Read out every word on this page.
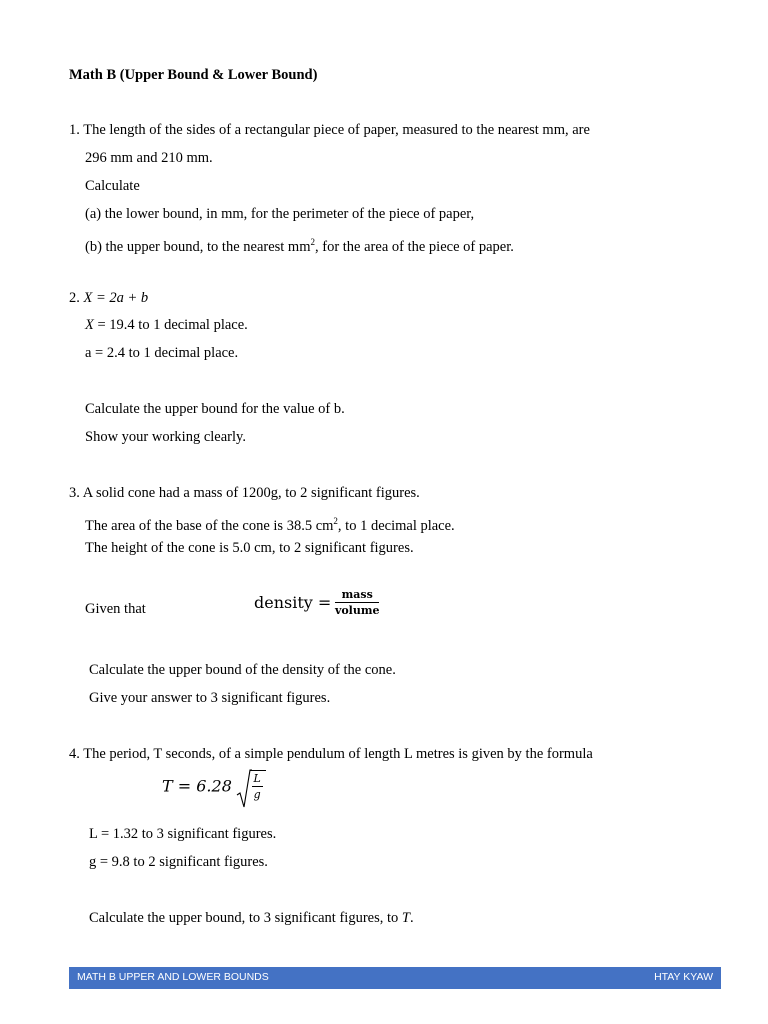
Math B (Upper Bound & Lower Bound)
1. The length of the sides of a rectangular piece of paper, measured to the nearest mm, are
296 mm and 210 mm.
Calculate
(a) the lower bound, in mm, for the perimeter of the piece of paper,
(b) the upper bound, to the nearest $mm^2$, for the area of the piece of paper.
2. X = 2a + b
X = 19.4 to 1 decimal place.
a = 2.4 to 1 decimal place.
Calculate the upper bound for the value of b.
Show your working clearly.
3. A solid cone had a mass of 1200g, to 2 significant figures.
The area of the base of the cone is 38.5 $cm^2$, to 1 decimal place.
The height of the cone is 5.0 cm, to 2 significant figures.
Given that	density = $\frac{\text{mass}}{\text{volume}}$
Calculate the upper bound of the density of the cone.
Give your answer to 3 significant figures.
4. The period, T seconds, of a simple pendulum of length L metres is given by the formula
$T = 6.28 \frac{L}{g}$
L = 1.32 to 3 significant figures.
g = 9.8 to 2 significant figures.
Calculate the upper bound, to 3 significant figures, to T.
MATH B UPPER AND LOWER BOUNDS	HTAY KYAW
